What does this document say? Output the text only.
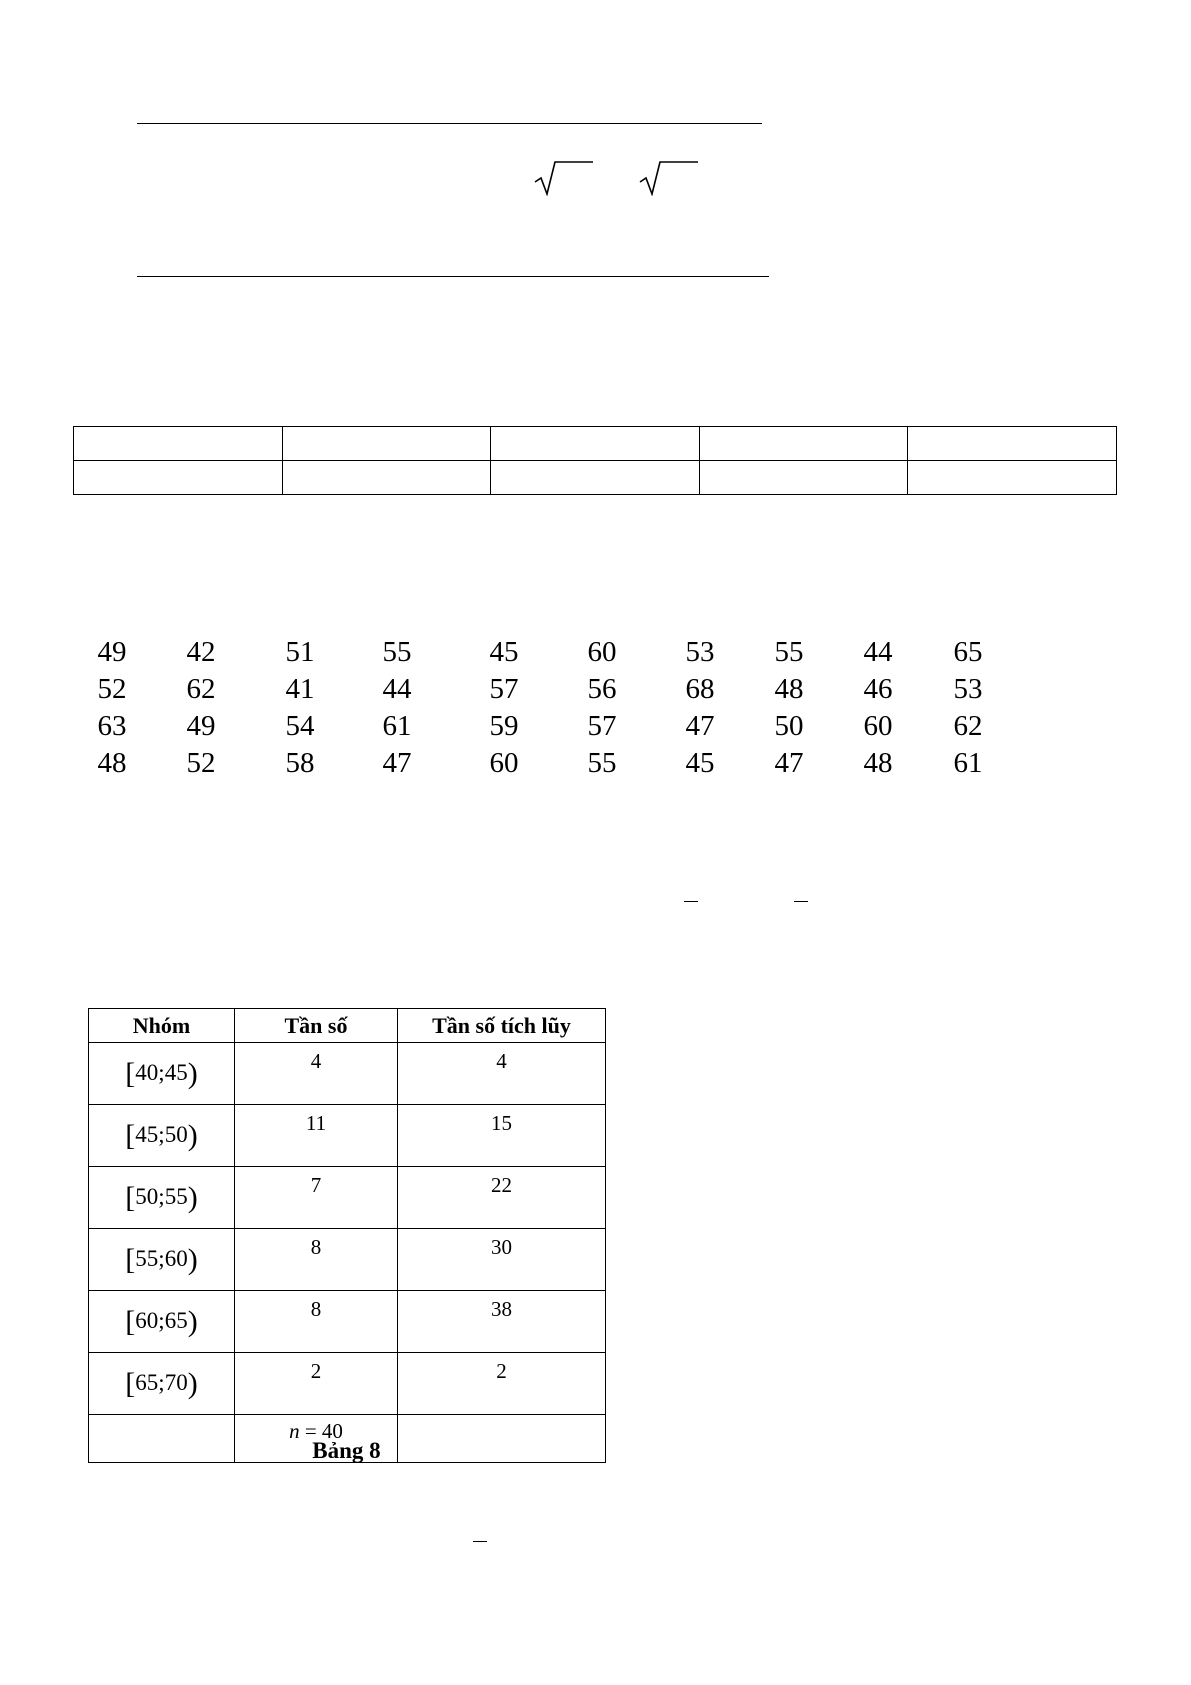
49	42	51	55	45	60	53	55	44	65
52	62	41	44	57	56	68	48	46	53
63	49	54	61	59	57	47	50	60	62
48	52	58	47	60	55	45	47	48	61
Nhóm	Tần số	Tần số tích lũy
[40;45)	4	4
[45;50)	11	15
[50;55)	7	22
[55;60)	8	30
[60;65)	8	38
[65;70)	2	2
	n = 40	
Bảng 8
